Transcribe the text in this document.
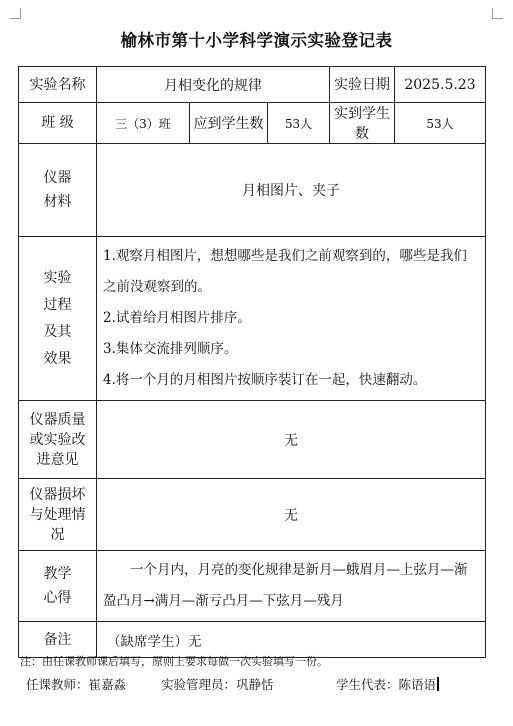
榆林市第十小学科学演示实验登记表
实验名称	月相变化的规律			实验日期	2025.5.23
班 级	三（3）班	应到学生数	53人	实到学生数	53人
仪器材料	月相图片、夹子				
实验过程及其效果	1.观察月相图片，想想哪些是我们之前观察到的，哪些是我们之前没观察到的。

2.试着给月相图片排序。

3.集体交流排列顺序。

4.将一个月的月相图片按顺序装订在一起，快速翻动。				

仪器质量或实验改进意见	无				
仪器损坏与处理情况	无				
教学心得	一个月内，月亮的变化规律是新月—蛾眉月—上弦月—渐盈凸月→满月—渐亏凸月—下弦月—残月				

备注	（缺席学生）无				
注：由任课教师课后填写，原则上要求每做一次实验填写一份。
任课教师：崔嘉淼	实验管理员：巩静恬	学生代表：陈语语
